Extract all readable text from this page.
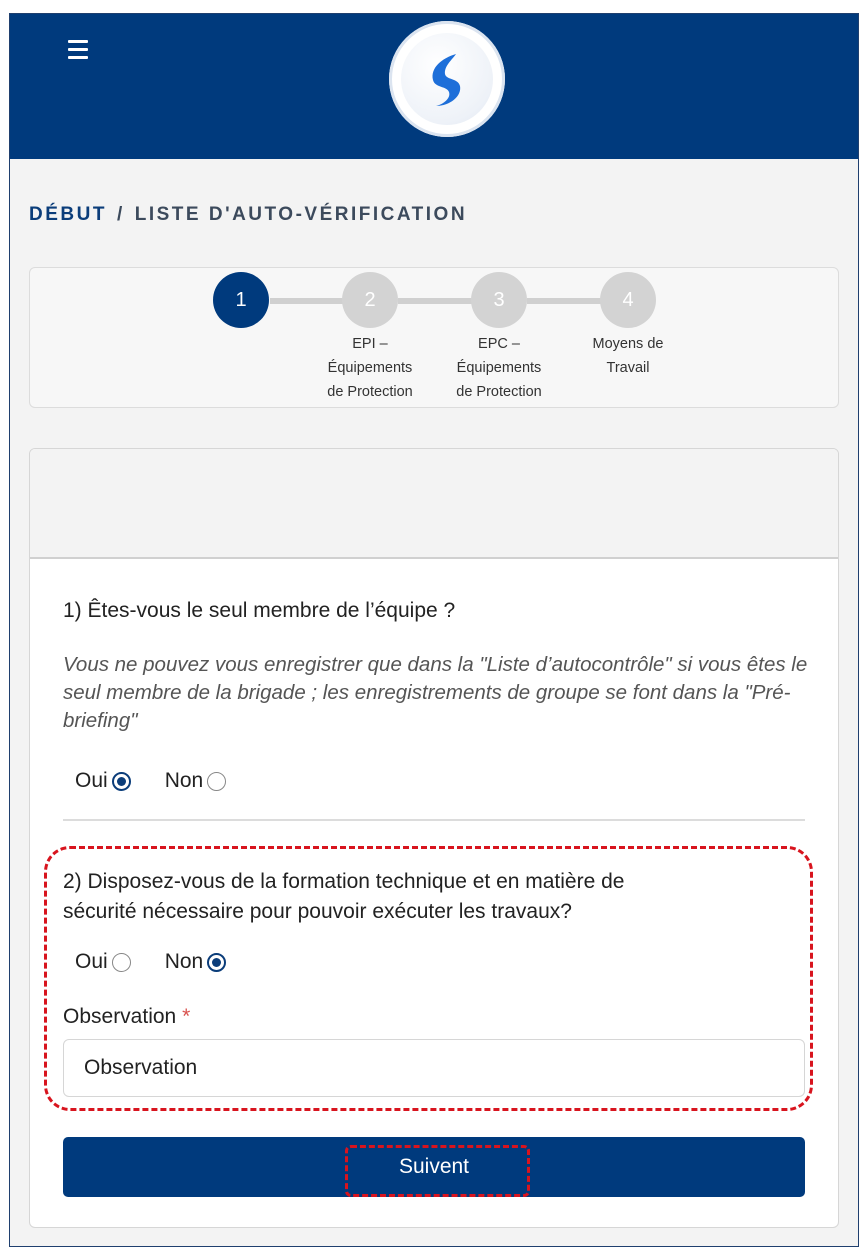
DÉBUT / LISTE D'AUTO-VÉRIFICATION
1	2	3	4
EPI –
Équipements
de Protection
EPC –
Équipements
de Protection
Moyens de
Travail
1) Êtes-vous le seul membre de l’équipe ?
Vous ne pouvez vous enregistrer que dans la "Liste d’autocontrôle" si vous êtes le seul membre de la brigade ; les enregistrements de groupe se font dans la "Pré-briefing"
Oui	Non
2) Disposez-vous de la formation technique et en matière de
sécurité nécessaire pour pouvoir exécuter les travaux?
Oui	Non
Observation *
Observation
Suivent
